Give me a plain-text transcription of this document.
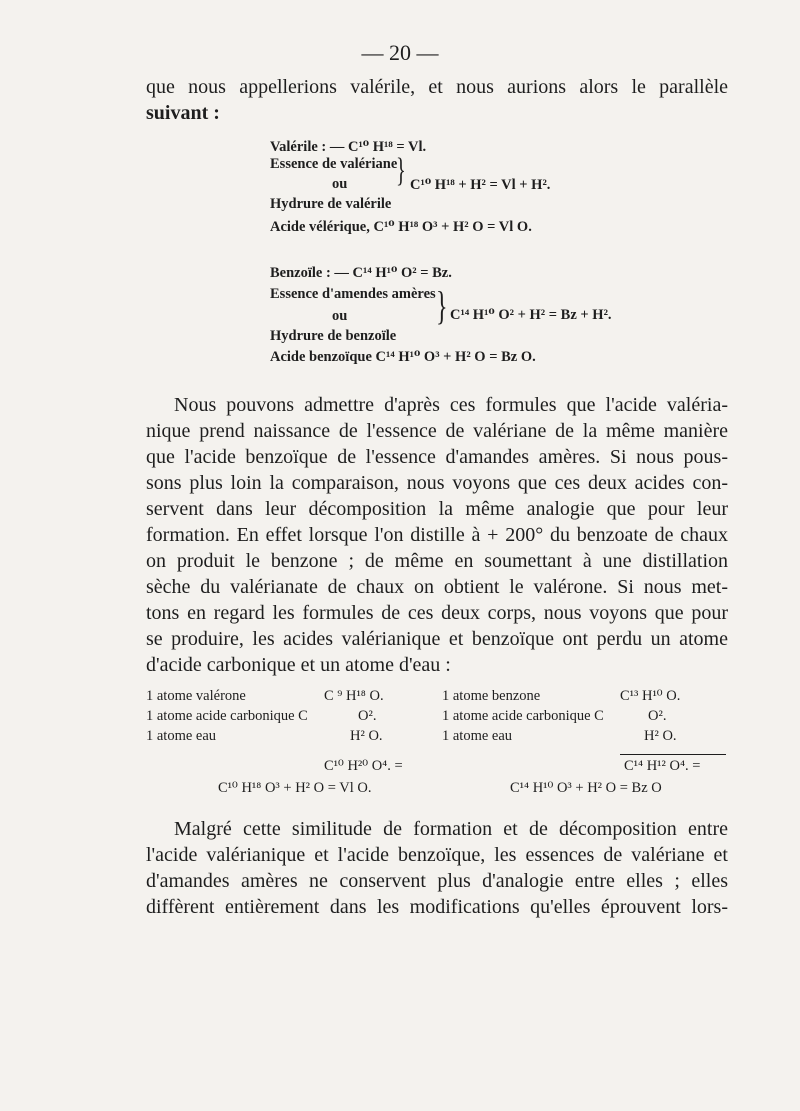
— 20 —
que nous appellerions valérile, et nous aurions alors le parallèle
suivant :
Valérile : — C¹⁰ H¹⁸ = Vl.
Essence de valériane
ou
Hydrure de valérile
} C¹⁰ H¹⁸ + H² = Vl + H².
Acide vélérique, C¹⁰ H¹⁸ O³ + H² O = Vl O.
Benzoïle : — C¹⁴ H¹⁰ O² = Bz.
Essence d'amendes amères
ou
Hydrure de benzoïle
} C¹⁴ H¹⁰ O² + H² = Bz + H².
Acide benzoïque C¹⁴ H¹⁰ O³ + H² O = Bz O.
Nous pouvons admettre d'après ces formules que l'acide valéria-
nique prend naissance de l'essence de valériane de la même manière
que l'acide benzoïque de l'essence d'amandes amères. Si nous pous-
sons plus loin la comparaison, nous voyons que ces deux acides con-
servent dans leur décomposition la même analogie que pour leur
formation. En effet lorsque l'on distille à + 200° du benzoate de chaux
on produit le benzone ; de même en soumettant à une distillation
sèche du valérianate de chaux on obtient le valérone. Si nous met-
tons en regard les formules de ces deux corps, nous voyons que pour
se produire, les acides valérianique et benzoïque ont perdu un atome
d'acide carbonique et un atome d'eau :
1 atome valérone	C ⁹ H¹⁸ O.
1 atome acide carbonique C	O².
1 atome eau	H² O.
C¹⁰ H²⁰ O⁴. =
C¹⁰ H¹⁸ O³ + H² O = Vl O.
1 atome benzone	C¹³ H¹⁰ O.
1 atome acide carbonique C	O².
1 atome eau	H² O.
C¹⁴ H¹² O⁴. =
C¹⁴ H¹⁰ O³ + H² O = Bz O
Malgré cette similitude de formation et de décomposition entre
l'acide valérianique et l'acide benzoïque, les essences de valériane et
d'amandes amères ne conservent plus d'analogie entre elles ; elles
diffèrent entièrement dans les modifications qu'elles éprouvent lors-
